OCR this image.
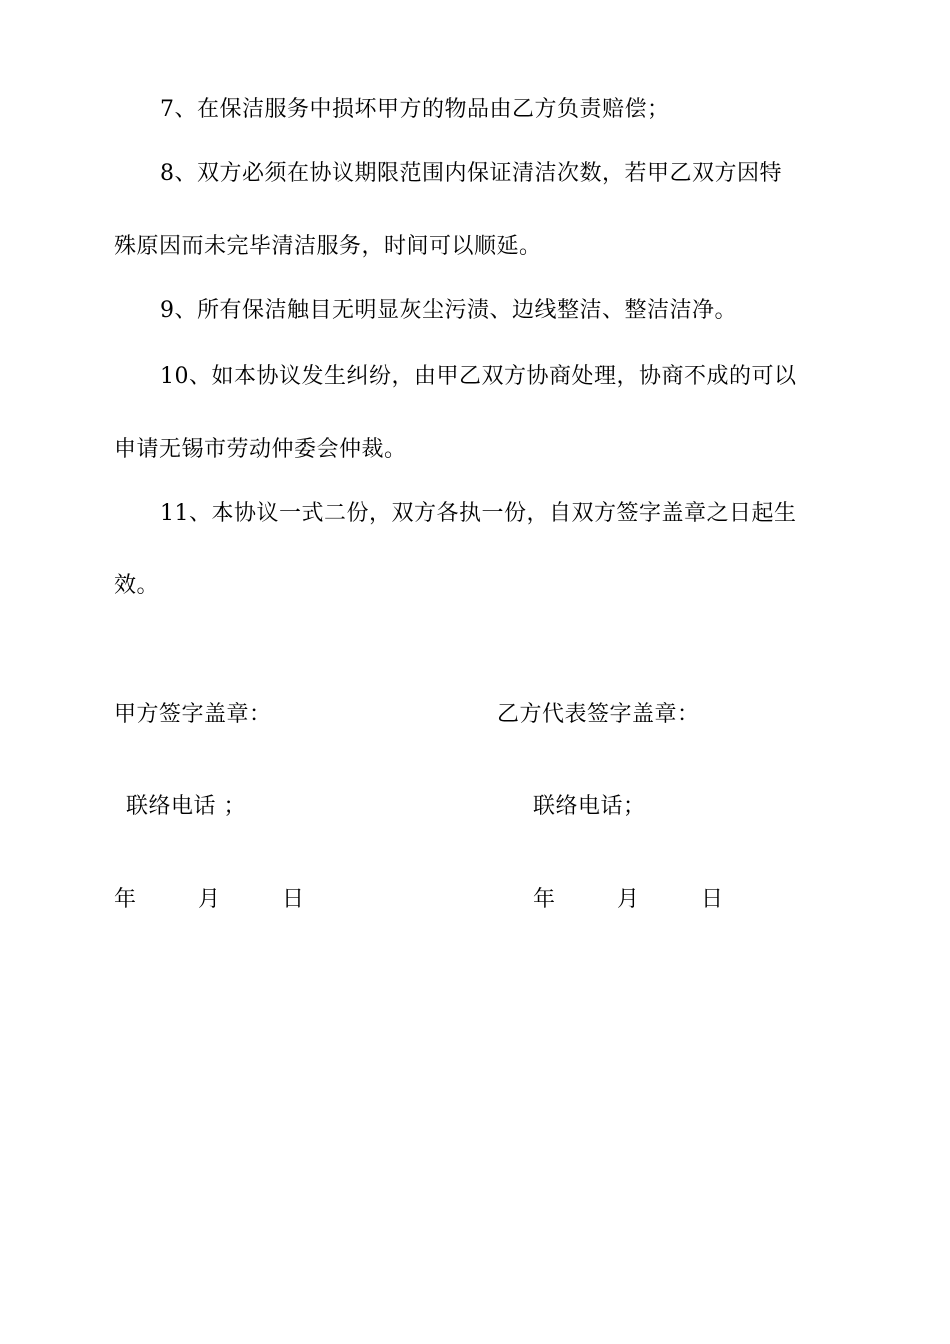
7、在保洁服务中损坏甲方的物品由乙方负责赔偿；
8、双方必须在协议期限范围内保证清洁次数，若甲乙双方因特
殊原因而未完毕清洁服务，时间可以顺延。
9、所有保洁触目无明显灰尘污渍、边线整洁、整洁洁净。
10、如本协议发生纠纷，由甲乙双方协商处理，协商不成的可以
申请无锡市劳动仲委会仲裁。
11、本协议一式二份，双方各执一份，自双方签字盖章之日起生
效。
甲方签字盖章：	乙方代表签字盖章：
联络电话 ；	联络电话；
年	月	日	年	月	日
